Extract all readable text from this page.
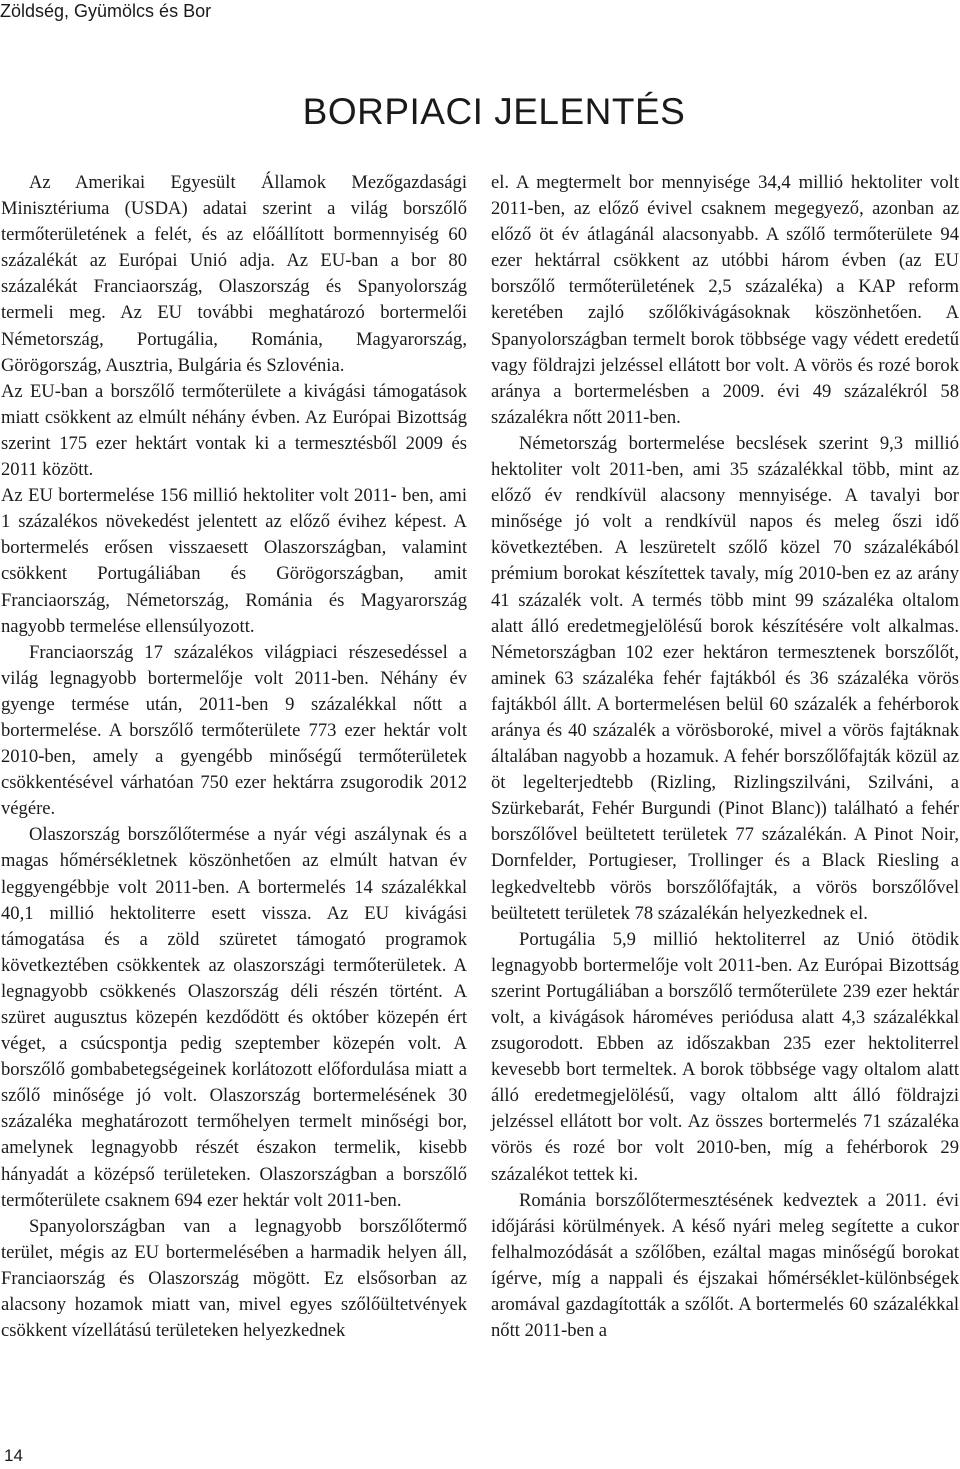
Zöldség, Gyümölcs és Bor
BORPIACI JELENTÉS

Az Amerikai Egyesült Államok Mezőgazdasági Minisztériuma (USDA) adatai szerint a világ borszőlő termőterületének a felét, és az előállított bormennyiség 60 százalékát az Európai Unió adja. Az EU-ban a bor 80 százalékát Franciaország, Olaszország és Spanyolország termeli meg. Az EU további meghatározó bortermelői Németország, Portugália, Románia, Magyarország, Görögország, Ausztria, Bulgária és Szlovénia.

Az EU-ban a borszőlő termőterülete a kivágási támogatások miatt csökkent az elmúlt néhány évben. Az Európai Bizottság szerint 175 ezer hektárt vontak ki a termesztésből 2009 és 2011 között.

Az EU bortermelése 156 millió hektoliter volt 2011- ben, ami 1 százalékos növekedést jelentett az előző évihez képest. A bortermelés erősen visszaesett Olaszországban, valamint csökkent Portugáliában és Görögországban, amit Franciaország, Németország, Románia és Magyarország nagyobb termelése ellensúlyozott.

Franciaország 17 százalékos világpiaci részesedéssel a világ legnagyobb bortermelője volt 2011-ben. Néhány év gyenge termése után, 2011-ben 9 százalékkal nőtt a bortermelése. A borszőlő termőterülete 773 ezer hektár volt 2010-ben, amely a gyengébb minőségű termőterületek csökkentésével várhatóan 750 ezer hektárra zsugorodik 2012 végére.

Olaszország borszőlőtermése a nyár végi aszálynak és a magas hőmérsékletnek köszönhetően az elmúlt hatvan év leggyengébbje volt 2011-ben. A bortermelés 14 százalékkal 40,1 millió hektoliterre esett vissza. Az EU kivágási támogatása és a zöld szüretet támogató programok következtében csökkentek az olaszországi termőterületek. A legnagyobb csökkenés Olaszország déli részén történt. A szüret augusztus közepén kezdődött és október közepén ért véget, a csúcspontja pedig szeptember közepén volt. A borszőlő gombabetegségeinek korlátozott előfordulása miatt a szőlő minősége jó volt. Olaszország bortermelésének 30 százaléka meghatározott termőhelyen termelt minőségi bor, amelynek legnagyobb részét északon termelik, kisebb hányadát a középső területeken. Olaszországban a borszőlő termőterülete csaknem 694 ezer hektár volt 2011-ben.

Spanyolországban van a legnagyobb borszőlőtermő terület, mégis az EU bortermelésében a harmadik helyen áll, Franciaország és Olaszország mögött. Ez elsősorban az alacsony hozamok miatt van, mivel egyes szőlőültetvények csökkent vízellátású területeken helyezkednek

el. A megtermelt bor mennyisége 34,4 millió hektoliter volt 2011-ben, az előző évivel csaknem megegyező, azonban az előző öt év átlagánál alacsonyabb. A szőlő termőterülete 94 ezer hektárral csökkent az utóbbi három évben (az EU borszőlő termőterületének 2,5 százaléka) a KAP reform keretében zajló szőlőkivágásoknak köszönhetően. A Spanyolországban termelt borok többsége vagy védett eredetű vagy földrajzi jelzéssel ellátott bor volt. A vörös és rozé borok aránya a bortermelésben a 2009. évi 49 százalékról 58 százalékra nőtt 2011-ben.

Németország bortermelése becslések szerint 9,3 millió hektoliter volt 2011-ben, ami 35 százalékkal több, mint az előző év rendkívül alacsony mennyisége. A tavalyi bor minősége jó volt a rendkívül napos és meleg őszi idő következtében. A leszüretelt szőlő közel 70 százalékából prémium borokat készítettek tavaly, míg 2010-ben ez az arány 41 százalék volt. A termés több mint 99 százaléka oltalom alatt álló eredetmegjelölésű borok készítésére volt alkalmas. Németországban 102 ezer hektáron termesztenek borszőlőt, aminek 63 százaléka fehér fajtákból és 36 százaléka vörös fajtákból állt. A bortermelésen belül 60 százalék a fehérborok aránya és 40 százalék a vörösboroké, mivel a vörös fajtáknak általában nagyobb a hozamuk. A fehér borszőlőfajták közül az öt legelterjedtebb (Rizling, Rizlingszilváni, Szilváni, a Szürkebarát, Fehér Burgundi (Pinot Blanc)) található a fehér borszőlővel beültetett területek 77 százalékán. A Pinot Noir, Dornfelder, Portugieser, Trollinger és a Black Riesling a legkedveltebb vörös borszőlőfajták, a vörös borszőlővel beültetett területek 78 százalékán helyezkednek el.

Portugália 5,9 millió hektoliterrel az Unió ötödik legnagyobb bortermelője volt 2011-ben. Az Európai Bizottság szerint Portugáliában a borszőlő termőterülete 239 ezer hektár volt, a kivágások hároméves periódusa alatt 4,3 százalékkal zsugorodott. Ebben az időszakban 235 ezer hektoliterrel kevesebb bort termeltek. A borok többsége vagy oltalom alatt álló eredetmegjelölésű, vagy oltalom altt álló földrajzi jelzéssel ellátott bor volt. Az összes bortermelés 71 százaléka vörös és rozé bor volt 2010-ben, míg a fehérborok 29 százalékot tettek ki.

Románia borszőlőtermesztésének kedveztek a 2011. évi időjárási körülmények. A késő nyári meleg segítette a cukor felhalmozódását a szőlőben, ezáltal magas minőségű borokat ígérve, míg a nappali és éjszakai hőmérséklet-különbségek aromával gazdagították a szőlőt. A bortermelés 60 százalékkal nőtt 2011-ben a

14
